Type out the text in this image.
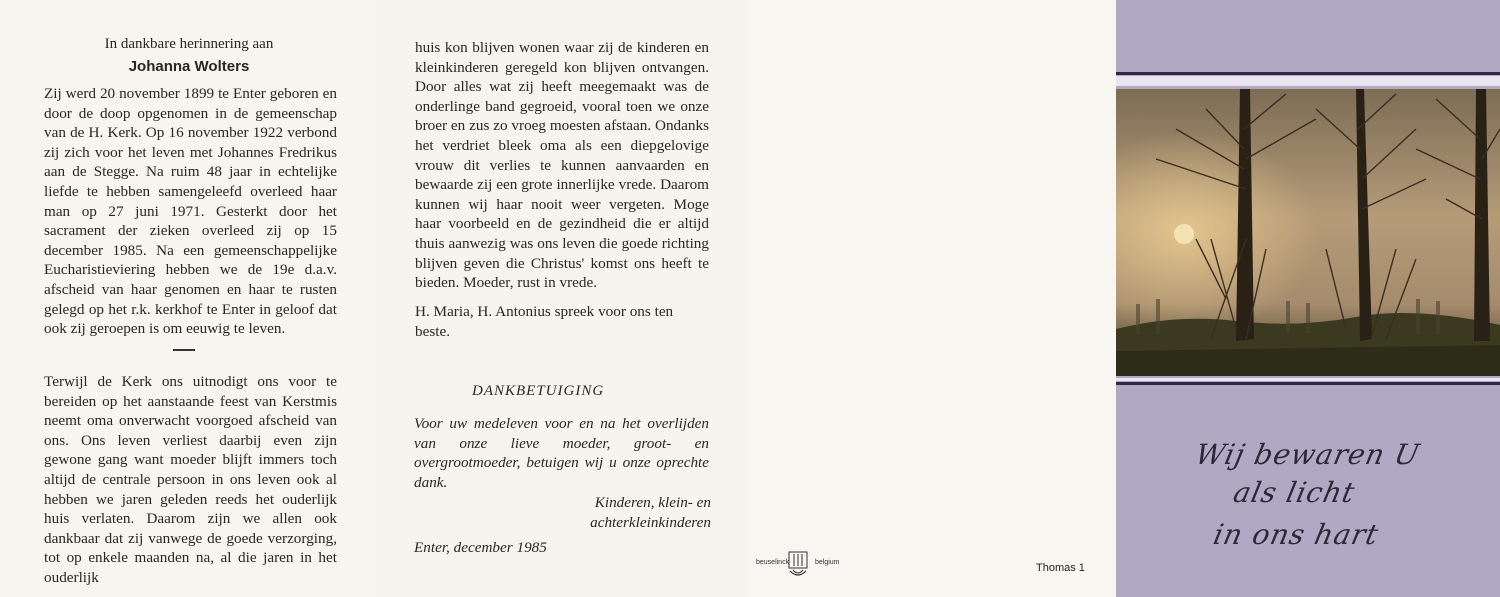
In dankbare herinnering aan
Johanna Wolters
Zij werd 20 november 1899 te Enter geboren en door de doop opgenomen in de gemeenschap van de H. Kerk. Op 16 november 1922 verbond zij zich voor het leven met Johannes Fredrikus aan de Stegge. Na ruim 48 jaar in echtelijke liefde te hebben samengeleefd overleed haar man op 27 juni 1971. Gesterkt door het sacrament der zieken overleed zij op 15 december 1985. Na een gemeenschappelijke Eucharistieviering hebben we de 19e d.a.v. afscheid van haar genomen en haar te rusten gelegd op het r.k. kerkhof te Enter in geloof dat ook zij geroepen is om eeuwig te leven.
Terwijl de Kerk ons uitnodigt ons voor te bereiden op het aanstaande feest van Kerstmis neemt oma onverwacht voorgoed afscheid van ons. Ons leven verliest daarbij even zijn gewone gang want moeder blijft immers toch altijd de centrale persoon in ons leven ook al hebben we jaren geleden reeds het ouderlijk huis verlaten. Daarom zijn we allen ook dankbaar dat zij vanwege de goede verzorging, tot op enkele maanden na, al die jaren in het ouderlijk
huis kon blijven wonen waar zij de kinderen en kleinkinderen geregeld kon blijven ontvangen. Door alles wat zij heeft meegemaakt was de onderlinge band gegroeid, vooral toen we onze broer en zus zo vroeg moesten afstaan. Ondanks het verdriet bleek oma als een diepgelovige vrouw dit verlies te kunnen aanvaarden en bewaarde zij een grote innerlijke vrede. Daarom kunnen wij haar nooit weer vergeten. Moge haar voorbeeld en de gezindheid die er altijd thuis aanwezig was ons leven die goede richting blijven geven die Christus' komst ons heeft te bieden. Moeder, rust in vrede.
H. Maria, H. Antonius spreek voor ons ten beste.
DANKBETUIGING
Voor uw medeleven voor en na het overlijden van onze lieve moeder, groot- en overgrootmoeder, betuigen wij u onze oprechte dank.
Kinderen, klein- en
achterkleinkinderen
Enter, december 1985
beuselinck	belgium	Thomas 1
Wij bewaren U
als licht
in ons hart
